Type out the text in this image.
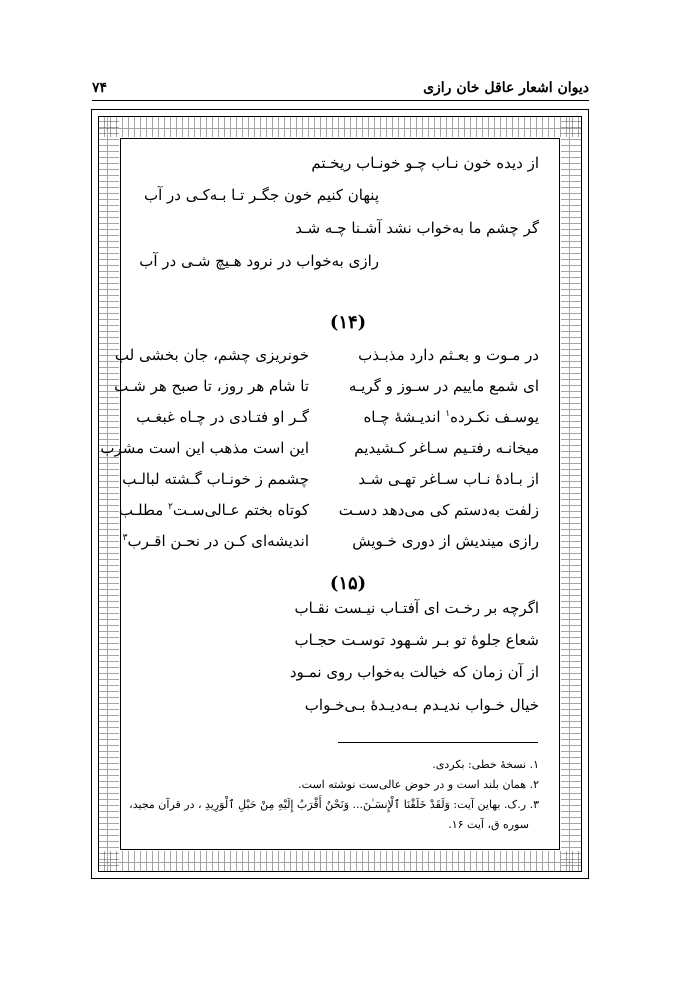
دیوان اشعار عاقل خان رازی
۷۴
از دیده خون نـاب چـو خونـاب ریخـتم
پنهان کنیم خون جگـر تـا بـه‌کـی در آب
گر چشم ما به‌خواب نشد آشـنا چـه شـد
رازی به‌خواب در نرود هـیچ شـی در آب
(۱۴)
در مـوت و بعـثم دارد مذبـذب
خونریزی چشم، جان بخشی لب
ای شمع مایيم در سـوز و گریـه
تا شام هر روز، تا صبح هر شـب
یوسـف نکـرده$^۱$ اندیـشهٔ چـاه
گـر او فتـادی در چـاه غبغـب
میخانـه رفتـیم سـاغر کـشیدیم
این است مذهب این است مشرب
از بـادهٔ نـاب سـاغر تهـی شـد
چشمم ز خونـاب گـشته لبالـب
زلفت به‌دستم کی می‌دهد دسـت
کوتاه بختم عـالی‌سـت$^۲$ مطلـب
رازی میندیش از دوری خـویش
اندیشه‌ای کـن در نحـن اقـرب$^۳$
(۱۵)
اگرچه بر رخـت ای آفتـاب نیـست نقـاب
شعاع جلوهٔ تو بـر شـهود توسـت حجـاب
از آن زمان که خیالت به‌خواب روی نمـود
خیال خـواب ندیـدم بـه‌دیـدهٔ بـی‌خـواب
۱. نسخهٔ خطی: بکردی.
۲. همان بلند است و در حوض عالی‌ست نوشته است.
۳. ر.ک. بهاین آیت: وَلَقَدْ خَلَقْنَا ٱلْإِنسَـٰنَ... وَنَحْنُ أَقْرَبُ إِلَيْهِ مِنْ حَبْلِ ٱلْوَرِيدِ ، در قرآن مجید،
سوره ق، آیت ۱۶.
